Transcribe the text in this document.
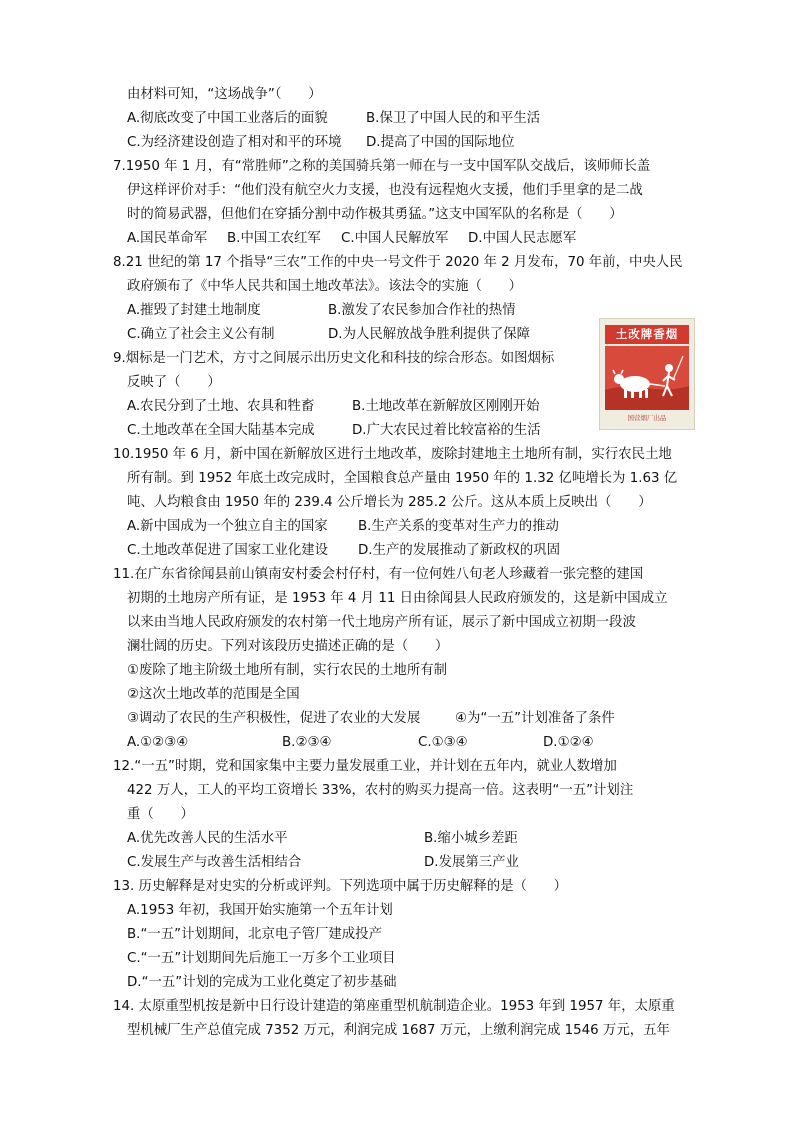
由材料可知，“这场战争”（　　）
A.彻底改变了中国工业落后的面貌	B.保卫了中国人民的和平生活
C.为经济建设创造了相对和平的环境 D.提高了中国的国际地位
7.1950 年 1 月，有“常胜师”之称的美国骑兵第一师在与一支中国军队交战后，该师师长盖
伊这样评价对手：“他们没有航空火力支援，也没有远程炮火支援，他们手里拿的是二战
时的简易武器，但他们在穿插分割中动作极其勇猛。”这支中国军队的名称是（　　）
A.国民革命军 B.中国工农红军 C.中国人民解放军 D.中国人民志愿军
8.21 世纪的第 17 个指导“三农”工作的中央一号文件于 2020 年 2 月发布，70 年前，中央人民
政府颁布了《中华人民共和国土地改革法》。该法令的实施（　　）
A.摧毁了封建土地制度	B.激发了农民参加合作社的热情
C.确立了社会主义公有制	D.为人民解放战争胜利提供了保障	土改牌香烟
国营烟厂出品
9.烟标是一门艺术，方寸之间展示出历史文化和科技的综合形态。如图烟标
反映了（　　）
A.农民分到了土地、农具和牲畜	B.土地改革在新解放区刚刚开始
C.土地改革在全国大陆基本完成	D.广大农民过着比较富裕的生活
10.1950 年 6 月，新中国在新解放区进行土地改革，废除封建地主土地所有制，实行农民土地
所有制。到 1952 年底土改完成时，全国粮食总产量由 1950 年的 1.32 亿吨增长为 1.63 亿
吨、人均粮食由 1950 年的 239.4 公斤增长为 285.2 公斤。这从本质上反映出（　　）
A.新中国成为一个独立自主的国家 B.生产关系的变革对生产力的推动
C.土地改革促进了国家工业化建设 D.生产的发展推动了新政权的巩固
11.在广东省徐闻县前山镇南安村委会村仔村，有一位何姓八旬老人珍藏着一张完整的建国
初期的土地房产所有证，是 1953 年 4 月 11 日由徐闻县人民政府颁发的，这是新中国成立
以来由当地人民政府颁发的农村第一代土地房产所有证，展示了新中国成立初期一段波
澜壮阔的历史。下列对该段历史描述正确的是（　　）
①废除了地主阶级土地所有制，实行农民的土地所有制
②这次土地改革的范围是全国
③调动了农民的生产积极性，促进了农业的大发展	④为“一五”计划准备了条件
A.①②③④	B.②③④	C.①③④	D.①②④
12.“一五”时期，党和国家集中主要力量发展重工业，并计划在五年内，就业人数增加
422 万人，工人的平均工资增长 33%，农村的购买力提高一倍。这表明“一五”计划注
重（　　）
A.优先改善人民的生活水平	B.缩小城乡差距
C.发展生产与改善生活相结合	D.发展第三产业
13. 历史解释是对史实的分析或评判。下列选项中属于历史解释的是（　　）
A.1953 年初，我国开始实施第一个五年计划
B.“一五”计划期间，北京电子管厂建成投产
C.“一五”计划期间先后施工一万多个工业项目
D.“一五”计划的完成为工业化奠定了初步基础
14. 太原重型机按是新中日行设计建造的第座重型机航制造企业。1953 年到 1957 年，太原重
型机械厂生产总值完成 7352 万元，利润完成 1687 万元，上缴利润完成 1546 万元，五年
